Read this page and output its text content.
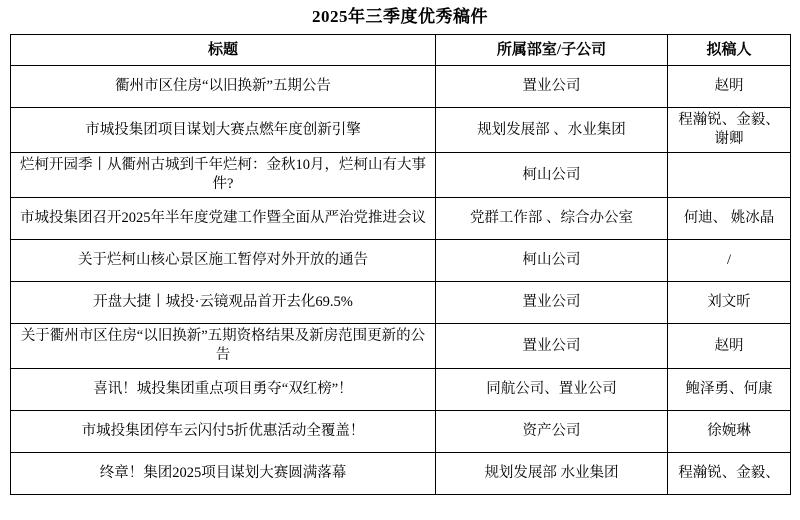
2025年三季度优秀稿件
标题	所属部室/子公司	拟稿人
衢州市区住房“以旧换新”五期公告	置业公司	赵明
市城投集团项目谋划大赛点燃年度创新引擎	规划发展部 、水业集团	程瀚锐、金毅、谢卿
烂柯开园季丨从衢州古城到千年烂柯：金秋10月，烂柯山有大事件?	柯山公司	
市城投集团召开2025年半年度党建工作暨全面从严治党推进会议	党群工作部 、综合办公室	何迪、 姚冰晶
关于烂柯山核心景区施工暂停对外开放的通告	柯山公司	/
开盘大捷丨城投·云镜观品首开去化69.5%	置业公司	刘文昕
关于衢州市区住房“以旧换新”五期资格结果及新房范围更新的公告	置业公司	赵明
喜讯！城投集团重点项目勇夺“双红榜”！	同航公司、置业公司	鲍泽勇、何康
市城投集团停车云闪付5折优惠活动全覆盖！	资产公司	徐婉琳
终章！集团2025项目谋划大赛圆满落幕	规划发展部 水业集团	程瀚锐、金毅、
